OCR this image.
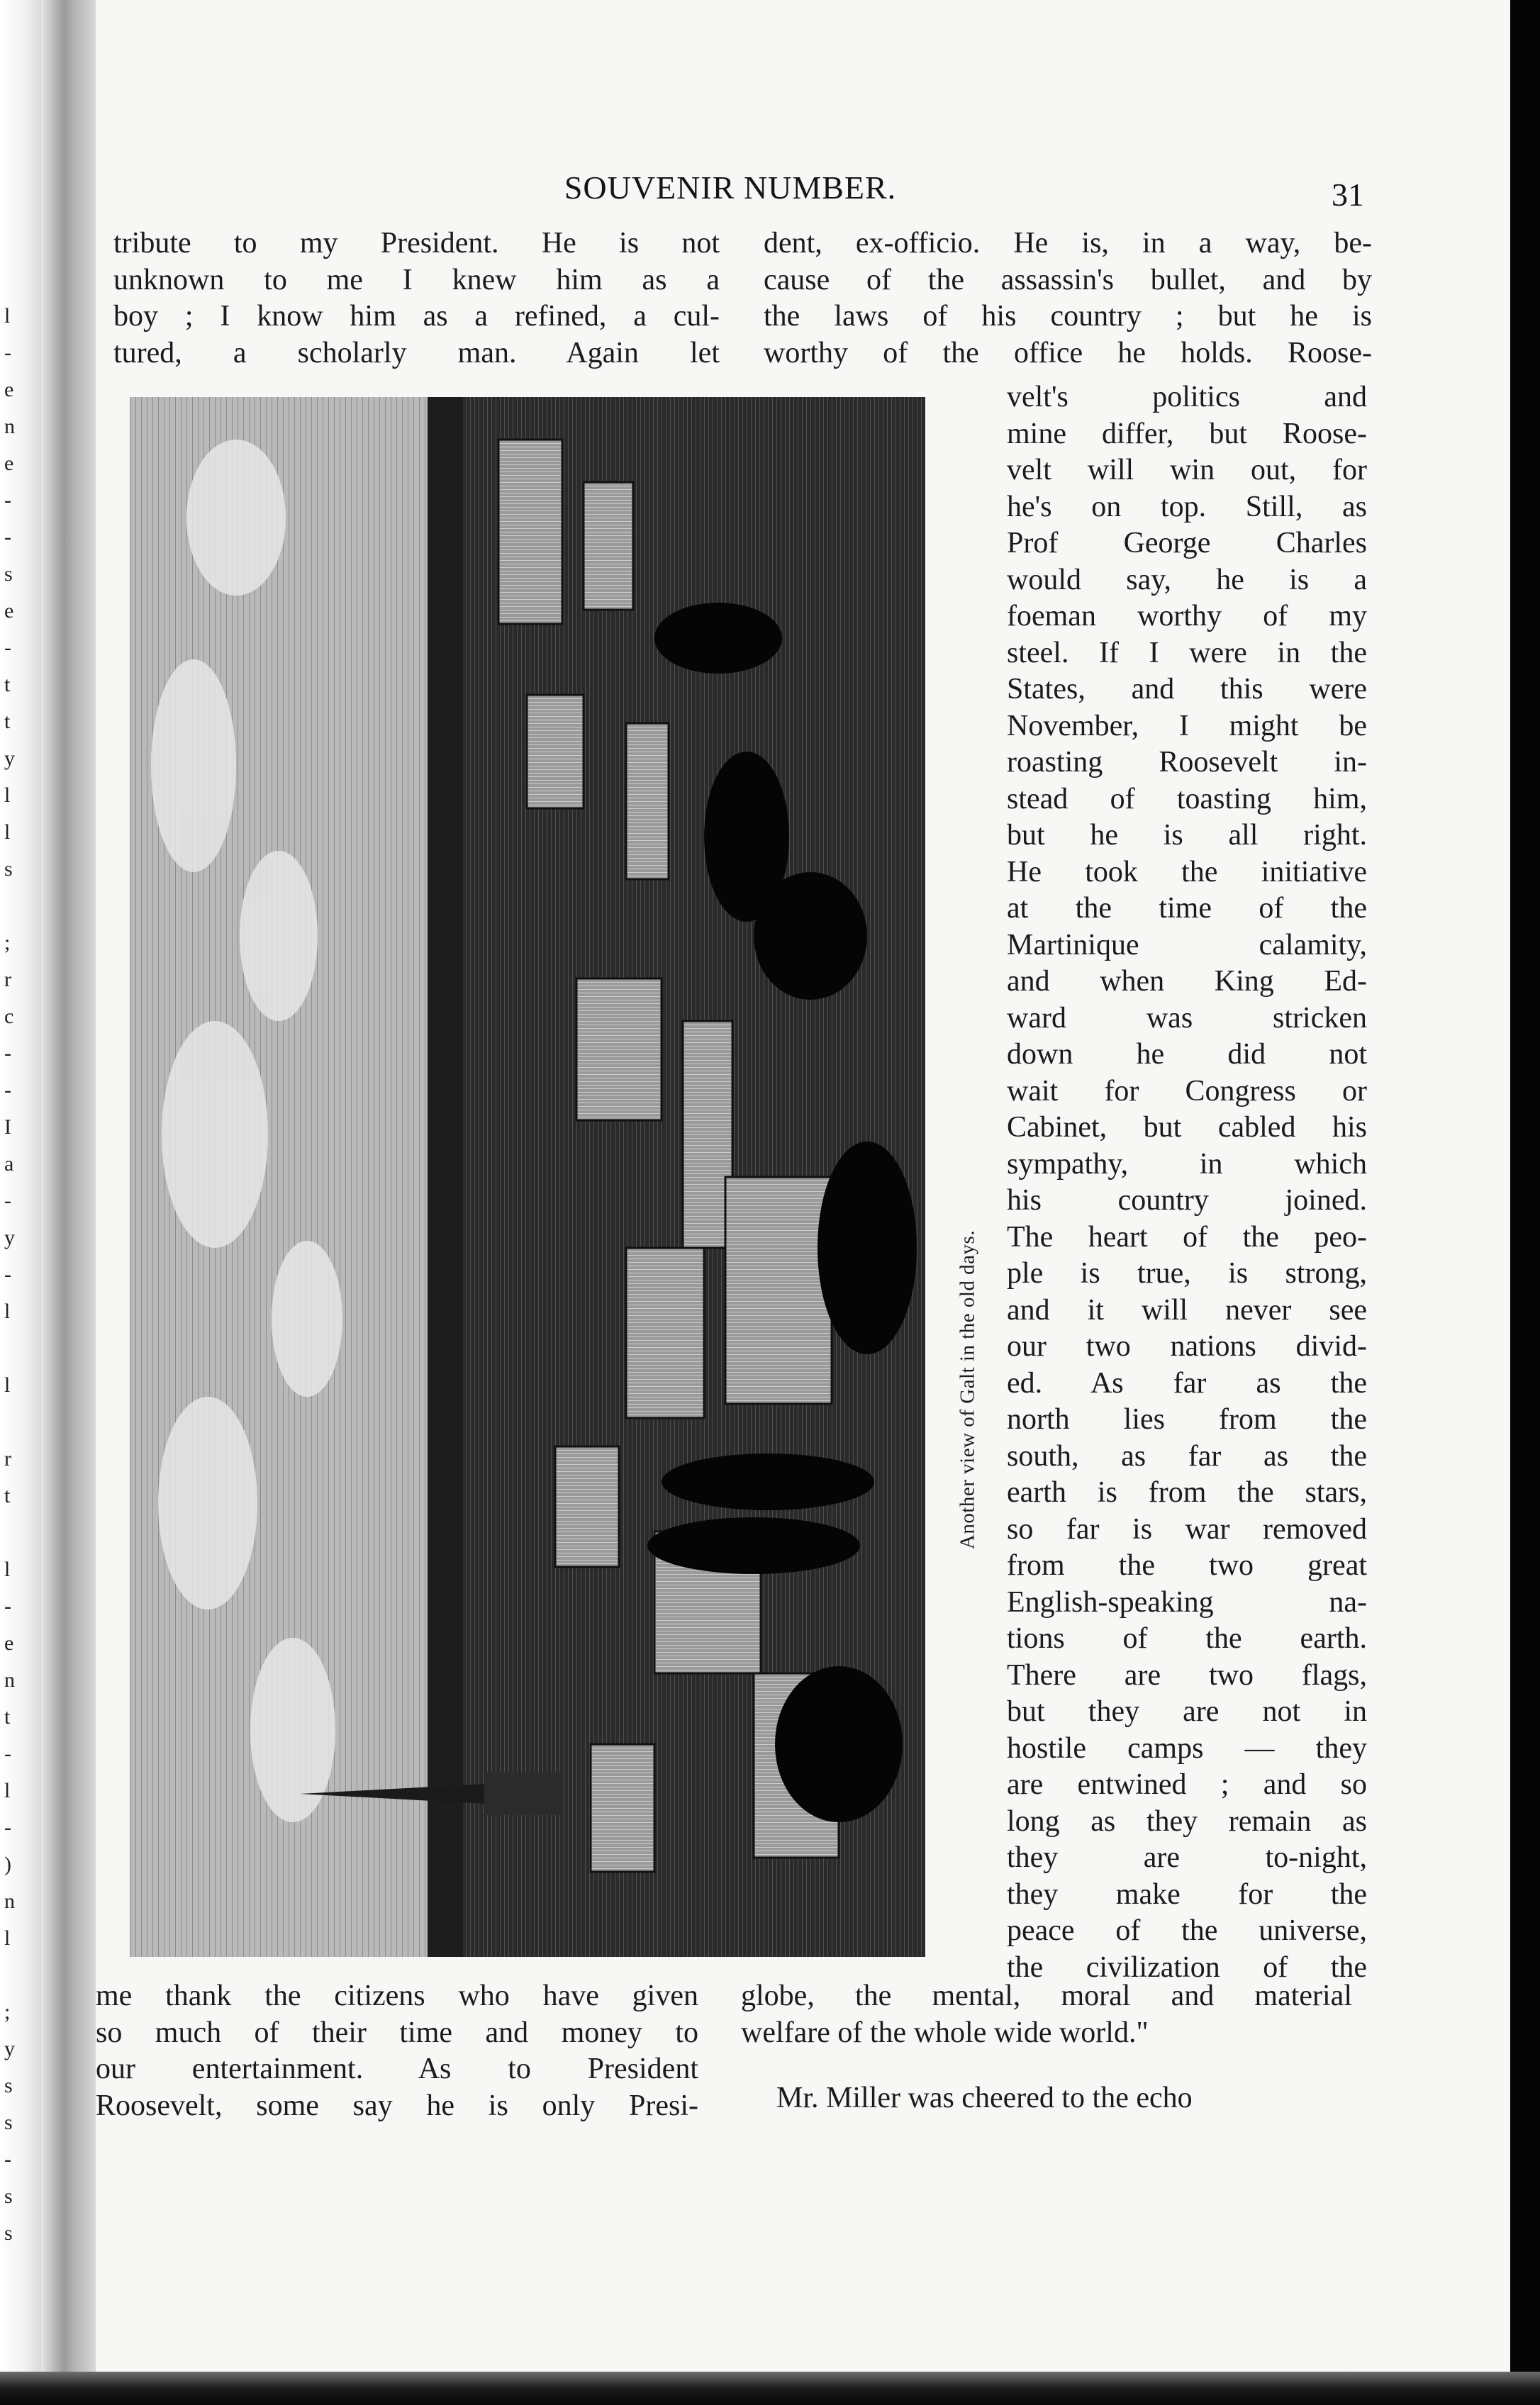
l
-
e
n
e
-
-
s
e
-
t
t
y
l
l
s

;
r
c
-
-
I
a
-
y
-
l

l

r
t

l
-
e
n
t
-
l
-
)
n
l

;
y
s
s
-
s
s
SOUVENIR NUMBER.	31
tribute to my President. He is not
unknown to me I knew him as a
boy ; I know him as a refined, a cul-
tured, a scholarly man. Again let
dent, ex-officio. He is, in a way, be-
cause of the assassin's bullet, and by
the laws of his country ; but he is
worthy of the office he holds. Roose-
velt's politics and
mine differ, but Roose-
velt will win out, for
he's on top. Still, as
Prof George Charles
would say, he is a
foeman worthy of my
steel. If I were in the
States, and this were
November, I might be
roasting Roosevelt in-
stead of toasting him,
but he is all right.
He took the initiative
at the time of the
Martinique calamity,
and when King Ed-
ward was stricken
down he did not
wait for Congress or
Cabinet, but cabled his
sympathy, in which
his country joined.
The heart of the peo-
ple is true, is strong,
and it will never see
our two nations divid-
ed. As far as the
north lies from the
south, as far as the
earth is from the stars,
so far is war removed
from the two great
English-speaking na-
tions of the earth.
There are two flags,
but they are not in
hostile camps — they
are entwined ; and so
long as they remain as
they are to-night,
they make for the
peace of the universe,
the civilization of the
Another view of Galt in the old days.
me thank the citizens who have given
so much of their time and money to
our entertainment. As to President
Roosevelt, some say he is only Presi-
globe, the mental, moral and material
welfare of the whole wide world."
Mr. Miller was cheered to the echo
